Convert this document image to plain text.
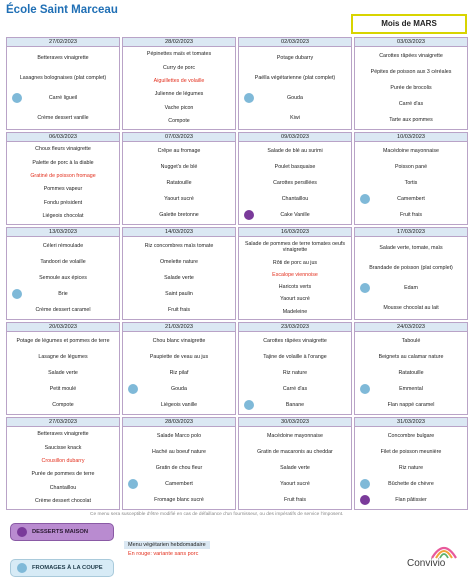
École Saint Marceau
Mois de MARS
27/02/2023
Betteraves vinaigrette
Lasagnes bolognaises (plat complet)
Carré ligueil
Crème dessert vanille
28/02/2023
Pépinettes maïs et tomates
Curry de porc
Aiguillettes de volaille
Julienne de légumes
Vache picon
Compote
02/03/2023
Potage dubarry
Paëlla végétarienne (plat complet)
Gouda
Kiwi
03/03/2023
Carottes râpées vinaigrette
Pépites de poisson aux 3 céréales
Purée de brocolis
Carré d'as
Tarte aux pommes
06/03/2023
Choux fleurs vinaigrette
Palette de porc à la diable
Gratiné de poisson fromage
Pommes vapeur
Fondu président
Liégeois chocolat
07/03/2023
Crêpe au fromage
Nugget's de blé
Ratatouille
Yaourt sucré
Galette bretonne
09/03/2023
Salade de blé au surimi
Poulet basquaise
Carottes persillées
Chantaillou
Cake Vanille
10/03/2023
Macédoine mayonnaise
Poisson pané
Tortis
Camembert
Fruit frais
13/03/2023
Céleri rémoulade
Tandoori de volaille
Semoule aux épices
Brie
Crème dessert caramel
14/03/2023
Riz concombres maïs tomate
Omelette nature
Salade verte
Saint paulin
Fruit frais
16/03/2023
Salade de pommes de terre tomates oeufs vinaigrette
Rôti de porc au jus
Escalope viennoise
Haricots verts
Yaourt sucré
Madeleine
17/03/2023
Salade verte, tomate, maïs
Brandade de poisson (plat complet)
Edam
Mousse chocolat au lait
20/03/2023
Potage de légumes et pommes de terre
Lasagne de légumes
Salade verte
Petit moulé
Compote
21/03/2023
Chou blanc vinaigrette
Paupiette de veau au jus
Riz pilaf
Gouda
Liégeois vanille
23/03/2023
Carottes râpées vinaigrette
Tajine de volaille à l'orange
Riz nature
Carré d'as
Banane
24/03/2023
Taboulé
Beignets au calamar nature
Ratatouille
Emmental
Flan nappé caramel
27/03/2023
Betteraves vinaigrette
Saucisse knack
Crousillon dubarry
Purée de pommes de terre
Chantaillou
Crème dessert chocolat
28/03/2023
Salade Marco polo
Haché au boeuf nature
Gratin de chou fleur
Camembert
Fromage blanc sucré
30/03/2023
Macédoine mayonnaise
Gratin de macaronis au cheddar
Salade verte
Yaourt sucré
Fruit frais
31/03/2023
Concombre bulgare
Filet de poisson meunière
Riz nature
Bûchette de chèvre
Flan pâtissier
Ce menu sera susceptible d'être modifié en cas de défaillance d'un fournisseur, ou des impératifs de service l'imposent.
DESSERTS MAISON
FROMAGES À LA COUPE
Menu végétarien hebdomadaire
En rouge: variante sans porc
Convivio
